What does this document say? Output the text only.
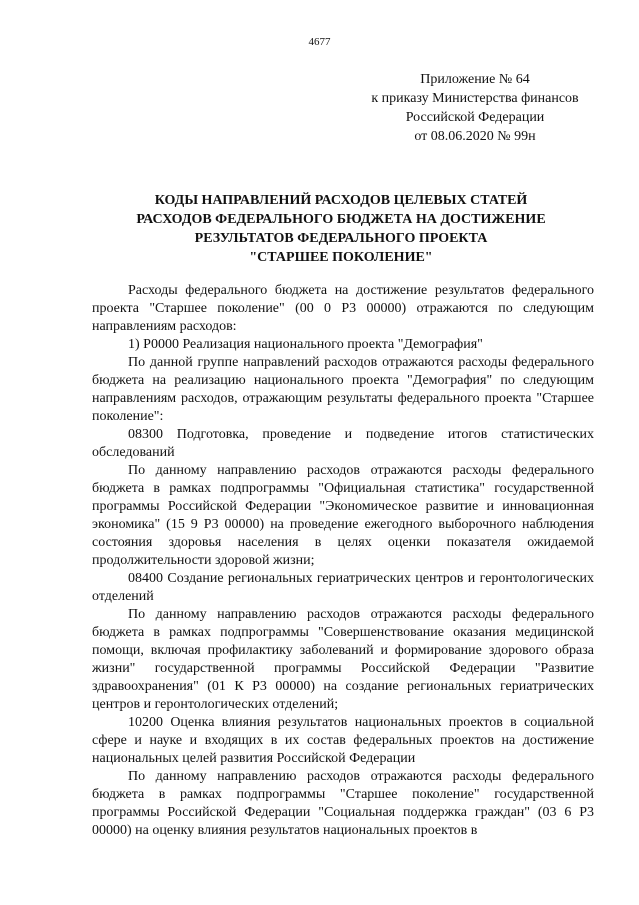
4677
Приложение № 64
к приказу Министерства финансов
Российской Федерации
от 08.06.2020 № 99н
КОДЫ НАПРАВЛЕНИЙ РАСХОДОВ ЦЕЛЕВЫХ СТАТЕЙ
РАСХОДОВ ФЕДЕРАЛЬНОГО БЮДЖЕТА НА ДОСТИЖЕНИЕ
РЕЗУЛЬТАТОВ ФЕДЕРАЛЬНОГО ПРОЕКТА
"СТАРШЕЕ ПОКОЛЕНИЕ"

Расходы федерального бюджета на достижение результатов федерального проекта "Старшее поколение" (00 0 P3 00000) отражаются по следующим направлениям расходов:

1) P0000 Реализация национального проекта "Демография"

По данной группе направлений расходов отражаются расходы федерального бюджета на реализацию национального проекта "Демография" по следующим направлениям расходов, отражающим результаты федерального проекта "Старшее поколение":

08300 Подготовка, проведение и подведение итогов статистических обследований

По данному направлению расходов отражаются расходы федерального бюджета в рамках подпрограммы "Официальная статистика" государственной программы Российской Федерации "Экономическое развитие и инновационная экономика" (15 9 P3 00000) на проведение ежегодного выборочного наблюдения состояния здоровья населения в целях оценки показателя ожидаемой продолжительности здоровой жизни;

08400 Создание региональных гериатрических центров и геронтологических отделений

По данному направлению расходов отражаются расходы федерального бюджета в рамках подпрограммы "Совершенствование оказания медицинской помощи, включая профилактику заболеваний и формирование здорового образа жизни" государственной программы Российской Федерации "Развитие здравоохранения" (01 К P3 00000) на создание региональных гериатрических центров и геронтологических отделений;

10200 Оценка влияния результатов национальных проектов в социальной сфере и науке и входящих в их состав федеральных проектов на достижение национальных целей развития Российской Федерации

По данному направлению расходов отражаются расходы федерального бюджета в рамках подпрограммы "Старшее поколение" государственной программы Российской Федерации "Социальная поддержка граждан" (03 6 P3 00000) на оценку влияния результатов национальных проектов в
